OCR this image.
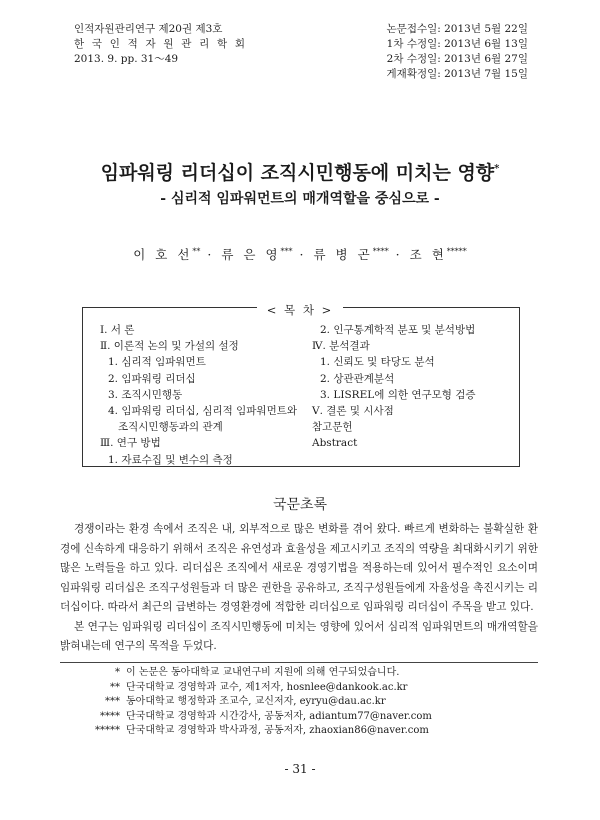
인적자원관리연구 제20권 제3호
한 국 인 적 자 원 관 리 학 회
2013. 9. pp. 31～49
논문접수일: 2013년 5월 22일
1차 수정일: 2013년 6월 13일
2차 수정일: 2013년 6월 27일
게재확정일: 2013년 7월 15일
임파워링 리더십이 조직시민행동에 미치는 영향*
- 심리적 임파워먼트의 매개역할을 중심으로 -
이 호 선** · 류 은 영*** · 류 병 곤**** · 조 현*****
< 목 차 >
Ⅰ. 서 론
Ⅱ. 이론적 논의 및 가설의 설정
1. 심리적 임파워먼트
2. 임파워링 리더십
3. 조직시민행동
4. 임파워링 리더십, 심리적 임파워먼트와
조직시민행동과의 관계
Ⅲ. 연구 방법
1. 자료수집 및 변수의 측정
2. 인구통계학적 분포 및 분석방법
Ⅳ. 분석결과
1. 신뢰도 및 타당도 분석
2. 상관관계분석
3. LISREL에 의한 연구모형 검증
Ⅴ. 결론 및 시사점
참고문헌
Abstract
국문초록

경쟁이라는 환경 속에서 조직은 내, 외부적으로 많은 변화를 겪어 왔다. 빠르게 변화하는 불확실한 환경에 신속하게 대응하기 위해서 조직은 유연성과 효율성을 제고시키고 조직의 역량을 최대화시키기 위한 많은 노력들을 하고 있다. 리더십은 조직에서 새로운 경영기법을 적용하는데 있어서 필수적인 요소이며 임파워링 리더십은 조직구성원들과 더 많은 권한을 공유하고, 조직구성원들에게 자율성을 촉진시키는 리더십이다. 따라서 최근의 급변하는 경영환경에 적합한 리더십으로 임파워링 리더십이 주목을 받고 있다.

본 연구는 임파워링 리더십이 조직시민행동에 미치는 영향에 있어서 심리적 임파워먼트의 매개역할을 밝혀내는데 연구의 목적을 두었다.

* 이 논문은 동아대학교 교내연구비 지원에 의해 연구되었습니다.
** 단국대학교 경영학과 교수, 제1저자, hosnlee@dankook.ac.kr
*** 동아대학교 행정학과 조교수, 교신저자, eyryu@dau.ac.kr
**** 단국대학교 경영학과 시간강사, 공동저자, adiantum77@naver.com
***** 단국대학교 경영학과 박사과정, 공동저자, zhaoxian86@naver.com
- 31 -
